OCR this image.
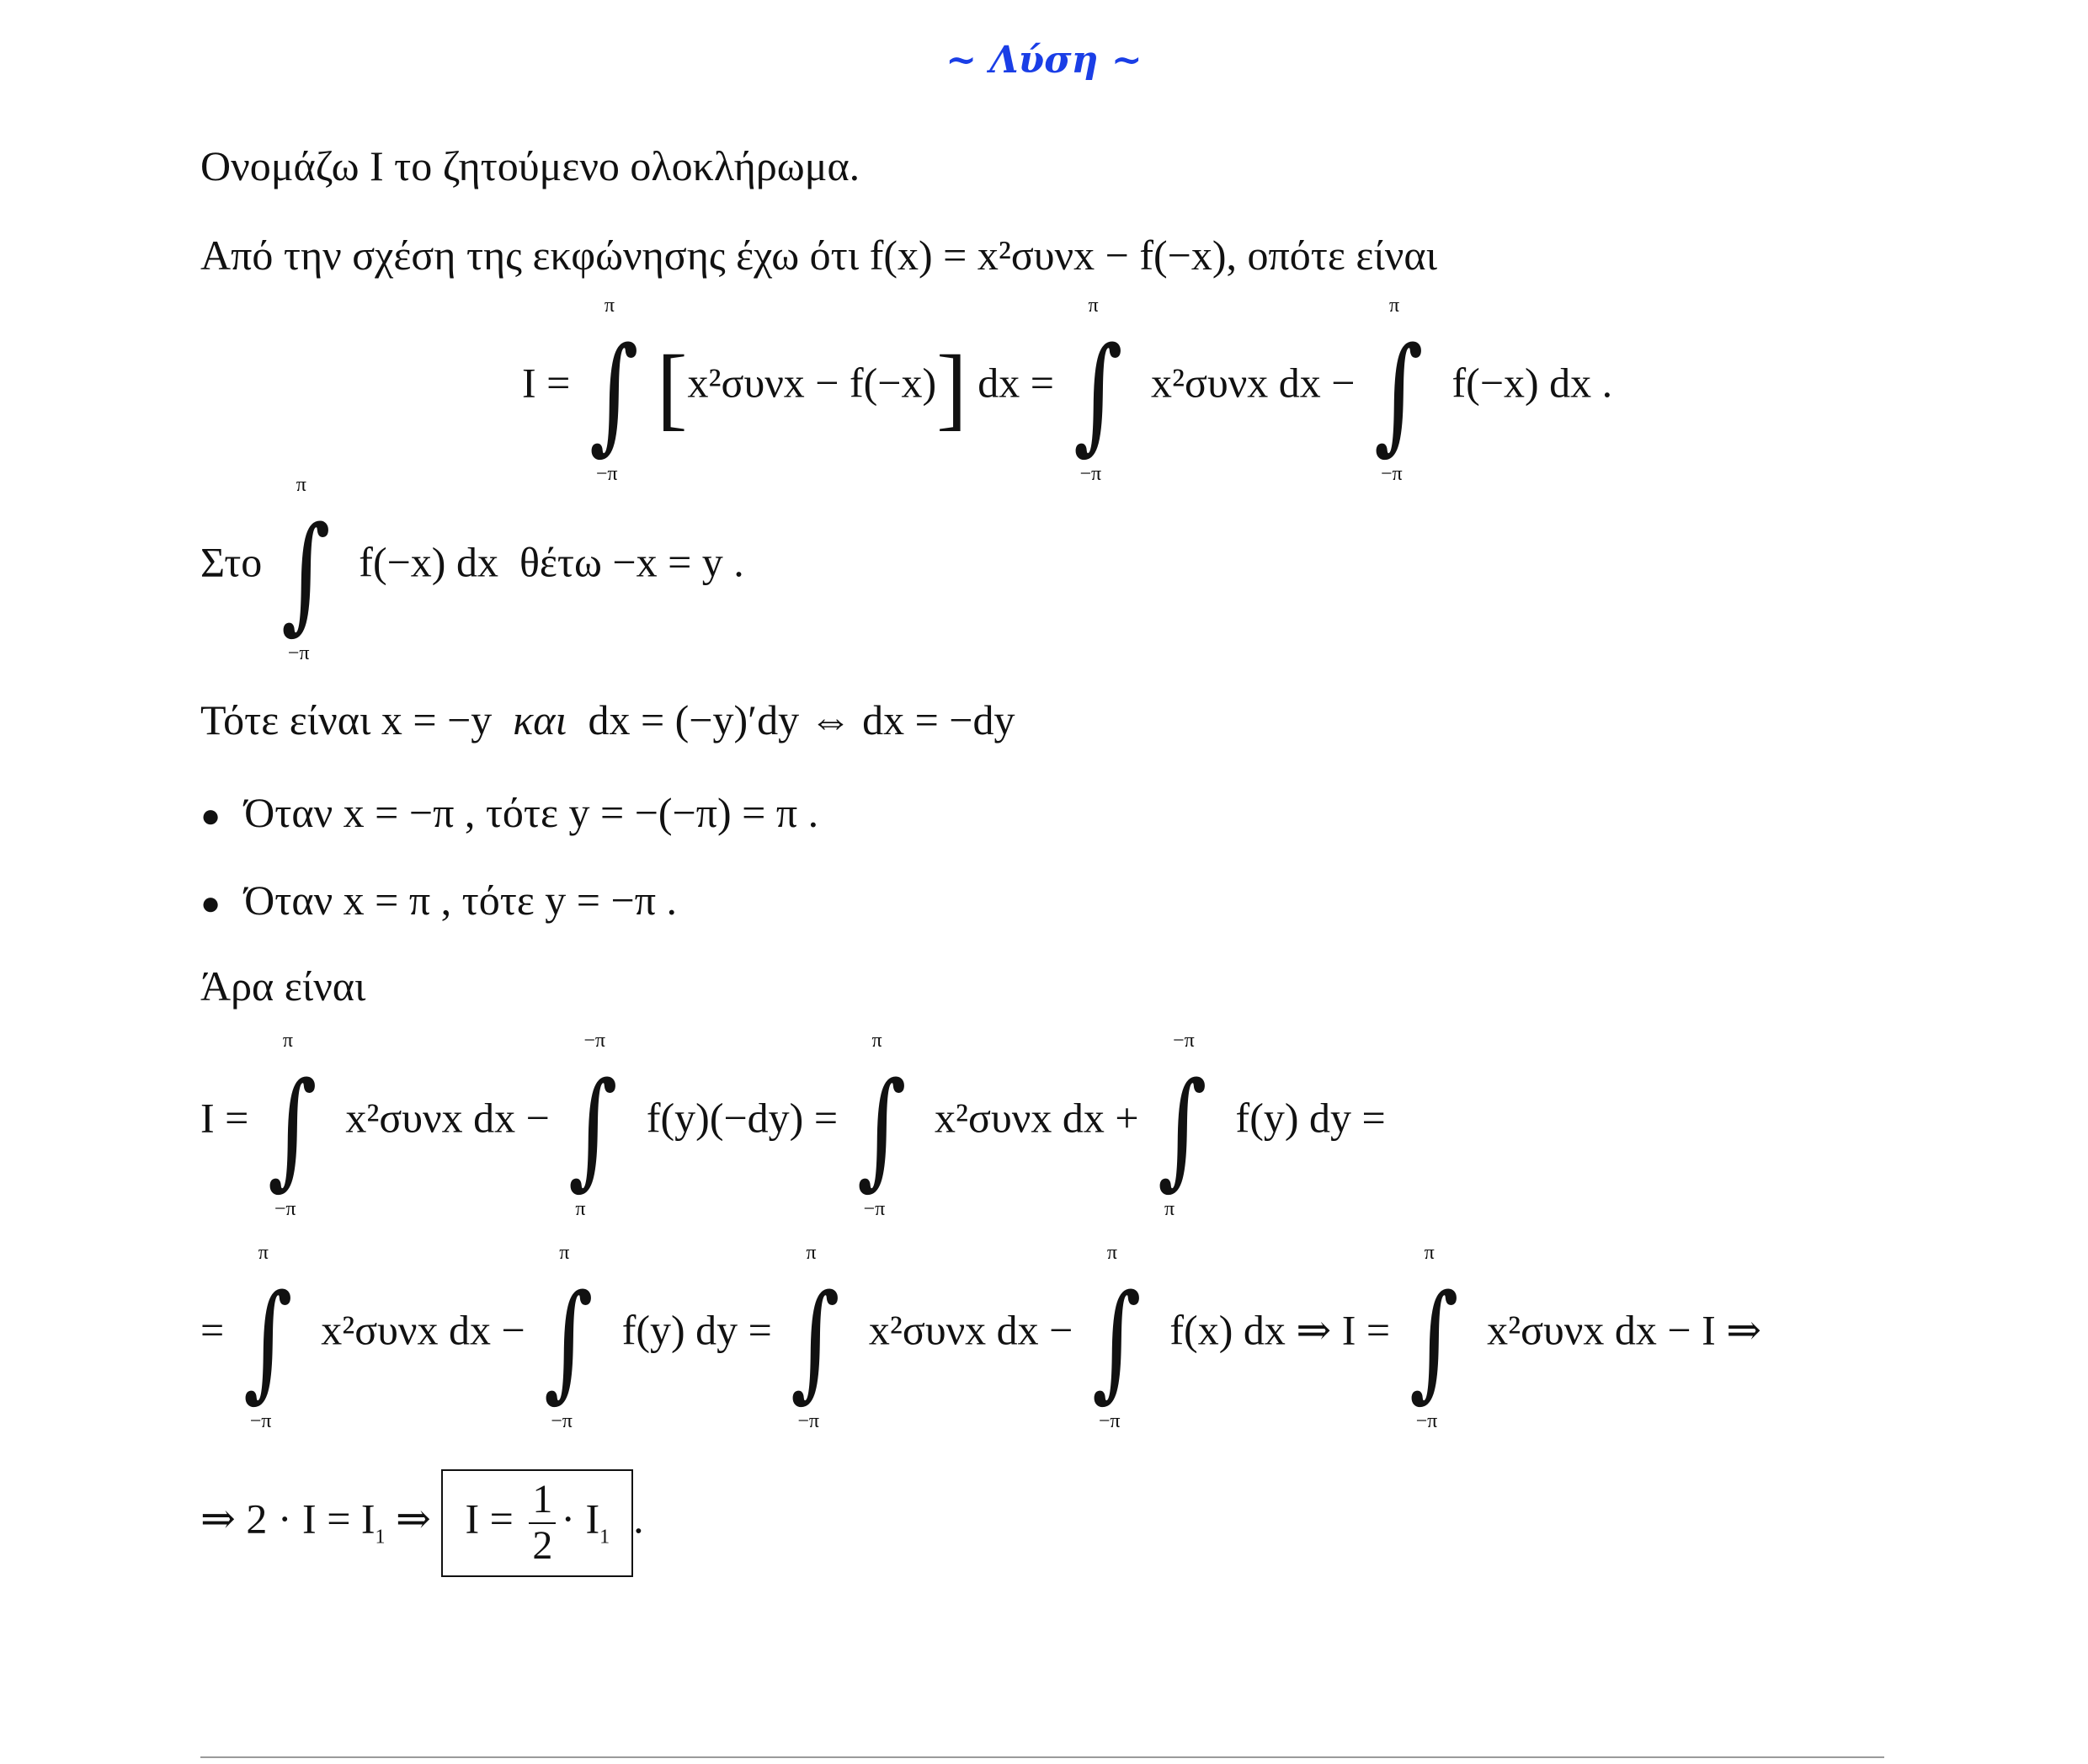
~ Λύση ~
Ονομάζω Ι το ζητούμενο ολοκλήρωμα.
Από την σχέση της εκφώνησης έχω ότι f(x) = x²συνx − f(−x), οπότε είναι
I =
π
∫
−π
[x²συνx − f(−x)] dx =
π
∫
−π
x²συνx dx −
π
∫
−π
f(−x) dx .
Στο
π
∫
−π
f(−x) dx θέτω −x = y .
Τότε είναι x = −y και dx = (−y)′dy ⇔ dx = −dy
● Όταν x = −π , τότε y = −(−π) = π .
● Όταν x = π , τότε y = −π .
Άρα είναι
I =
π
∫
−π
x²συνx dx −
−π
∫
π
f(y)(−dy) =
π
∫
−π
x²συνx dx +
−π
∫
π
f(y) dy =
=
π
∫
−π
x²συνx dx −
π
∫
−π
f(y) dy =
π
∫
−π
x²συνx dx −
π
∫
−π
f(x) dx ⇒ I =
π
∫
−π
x²συνx dx − I ⇒
⇒ $2 \cdot I = I_1$ ⇒ $I = \frac{1}{2} \cdot I_1$ .
